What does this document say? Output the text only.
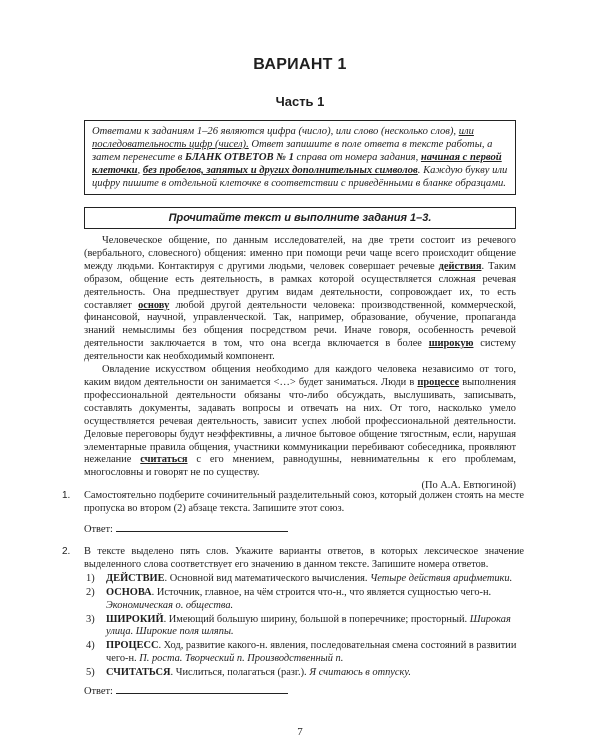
ВАРИАНТ 1
Часть 1
Ответами к заданиям 1–26 являются цифра (число), или слово (несколько слов), или последовательность цифр (чисел). Ответ запишите в поле ответа в тексте работы, а затем перенесите в БЛАНК ОТВЕТОВ № 1 справа от номера задания, начиная с первой клеточки, без пробелов, запятых и других дополнительных символов. Каждую букву или цифру пишите в отдельной клеточке в соответствии с приведёнными в бланке образцами.
Прочитайте текст и выполните задания 1–3.

Человеческое общение, по данным исследователей, на две трети состоит из речевого (вербального, словесного) общения: именно при помощи речи чаще всего происходит общение между людьми. Контактируя с другими людьми, человек совершает речевые действия. Таким образом, общение есть деятельность, в рамках которой осуществляется сложная речевая деятельность. Она предшествует другим видам деятельности, сопровождает их, то есть составляет основу любой другой деятельности человека: производственной, коммерческой, финансовой, научной, управленческой. Так, например, образование, обучение, пропаганда знаний немыслимы без общения посредством речи. Иначе говоря, особенность речевой деятельности заключается в том, что она всегда включается в более широкую систему деятельности как необходимый компонент.

Овладение искусством общения необходимо для каждого человека независимо от того, каким видом деятельности он занимается <…> будет заниматься. Люди в процессе выполнения профессиональной деятельности обязаны что-либо обсуждать, выслушивать, записывать, составлять документы, задавать вопросы и отвечать на них. От того, насколько умело осуществляется речевая деятельность, зависит успех любой профессиональной деятельности. Деловые переговоры будут неэффективны, а личное бытовое общение тягостным, если, нарушая элементарные правила общения, участники коммуникации перебивают собеседника, проявляют нежелание считаться с его мнением, равнодушны, невнимательны к его проблемам, многословны и говорят не по существу.

(По А.А. Евтюгиной)

1. Самостоятельно подберите сочинительный разделительный союз, который должен стоять на месте пропуска во втором (2) абзаце текста. Запишите этот союз.
Ответ:
2. В тексте выделено пять слов. Укажите варианты ответов, в которых лексическое значение выделенного слова соответствует его значению в данном тексте. Запишите номера ответов.
1) ДЕЙСТВИЕ. Основной вид математического вычисления. Четыре действия арифметики.
2) ОСНОВА. Источник, главное, на чём строится что-н., что является сущностью чего-н. Экономическая о. общества.
3) ШИРОКИЙ. Имеющий большую ширину, большой в поперечнике; просторный. Широкая улица. Широкие поля шляпы.
4) ПРОЦЕСС. Ход, развитие какого-н. явления, последовательная смена состояний в развитии чего-н. П. роста. Творческий п. Производственный п.
5) СЧИТАТЬСЯ. Числиться, полагаться (разг.). Я считаюсь в отпуску.
Ответ:
7
